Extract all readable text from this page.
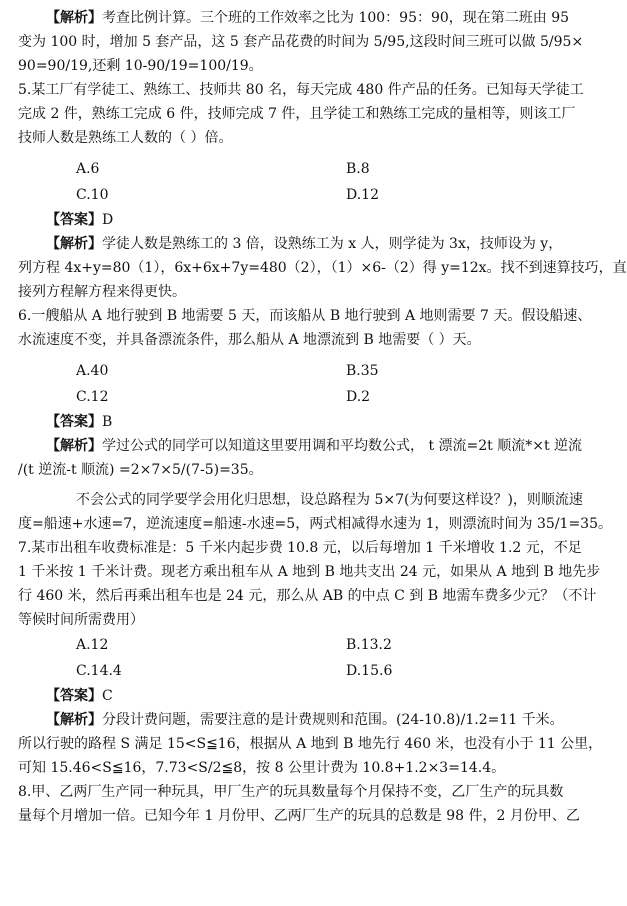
【解析】考查比例计算。三个班的工作效率之比为 100：95：90，现在第二班由 95
变为 100 时，增加 5 套产品，这 5 套产品花费的时间为 5/95,这段时间三班可以做 5/95×
90=90/19,还剩 10-90/19=100/19。
5.某工厂有学徒工、熟练工、技师共 80 名，每天完成 480 件产品的任务。已知每天学徒工
完成 2 件，熟练工完成 6 件，技师完成 7 件，且学徒工和熟练工完成的量相等，则该工厂
技师人数是熟练工人数的（ ）倍。
A.6	B.8
C.10	D.12
【答案】D
【解析】学徒人数是熟练工的 3 倍，设熟练工为 x 人，则学徒为 3x，技师设为 y，
列方程 4x+y=80（1），6x+6x+7y=480（2），（1）×6-（2）得 y=12x。找不到速算技巧，直
接列方程解方程来得更快。
6.一艘船从 A 地行驶到 B 地需要 5 天，而该船从 B 地行驶到 A 地则需要 7 天。假设船速、
水流速度不变，并具备漂流条件，那么船从 A 地漂流到 B 地需要（ ）天。
A.40	B.35
C.12	D.2
【答案】B
【解析】学过公式的同学可以知道这里要用调和平均数公式， t 漂流=2t 顺流*×t 逆流
/(t 逆流-t 顺流) =2×7×5/(7-5)=35。
不会公式的同学要学会用化归思想，设总路程为 5×7(为何要这样设？)，则顺流速
度=船速+水速=7，逆流速度=船速-水速=5，两式相减得水速为 1，则漂流时间为 35/1=35。
7.某市出租车收费标准是：5 千米内起步费 10.8 元，以后每增加 1 千米增收 1.2 元，不足
1 千米按 1 千米计费。现老方乘出租车从 A 地到 B 地共支出 24 元，如果从 A 地到 B 地先步
行 460 米，然后再乘出租车也是 24 元，那么从 AB 的中点 C 到 B 地需车费多少元？（不计
等候时间所需费用）
A.12	B.13.2
C.14.4	D.15.6
【答案】C
【解析】分段计费问题，需要注意的是计费规则和范围。(24-10.8)/1.2=11 千米。
所以行驶的路程 S 满足 15<S≦16，根据从 A 地到 B 地先行 460 米，也没有小于 11 公里，
可知 15.46<S≦16，7.73<S/2≦8，按 8 公里计费为 10.8+1.2×3=14.4。
8.甲、乙两厂生产同一种玩具，甲厂生产的玩具数量每个月保持不变，乙厂生产的玩具数
量每个月增加一倍。已知今年 1 月份甲、乙两厂生产的玩具的总数是 98 件，2 月份甲、乙
